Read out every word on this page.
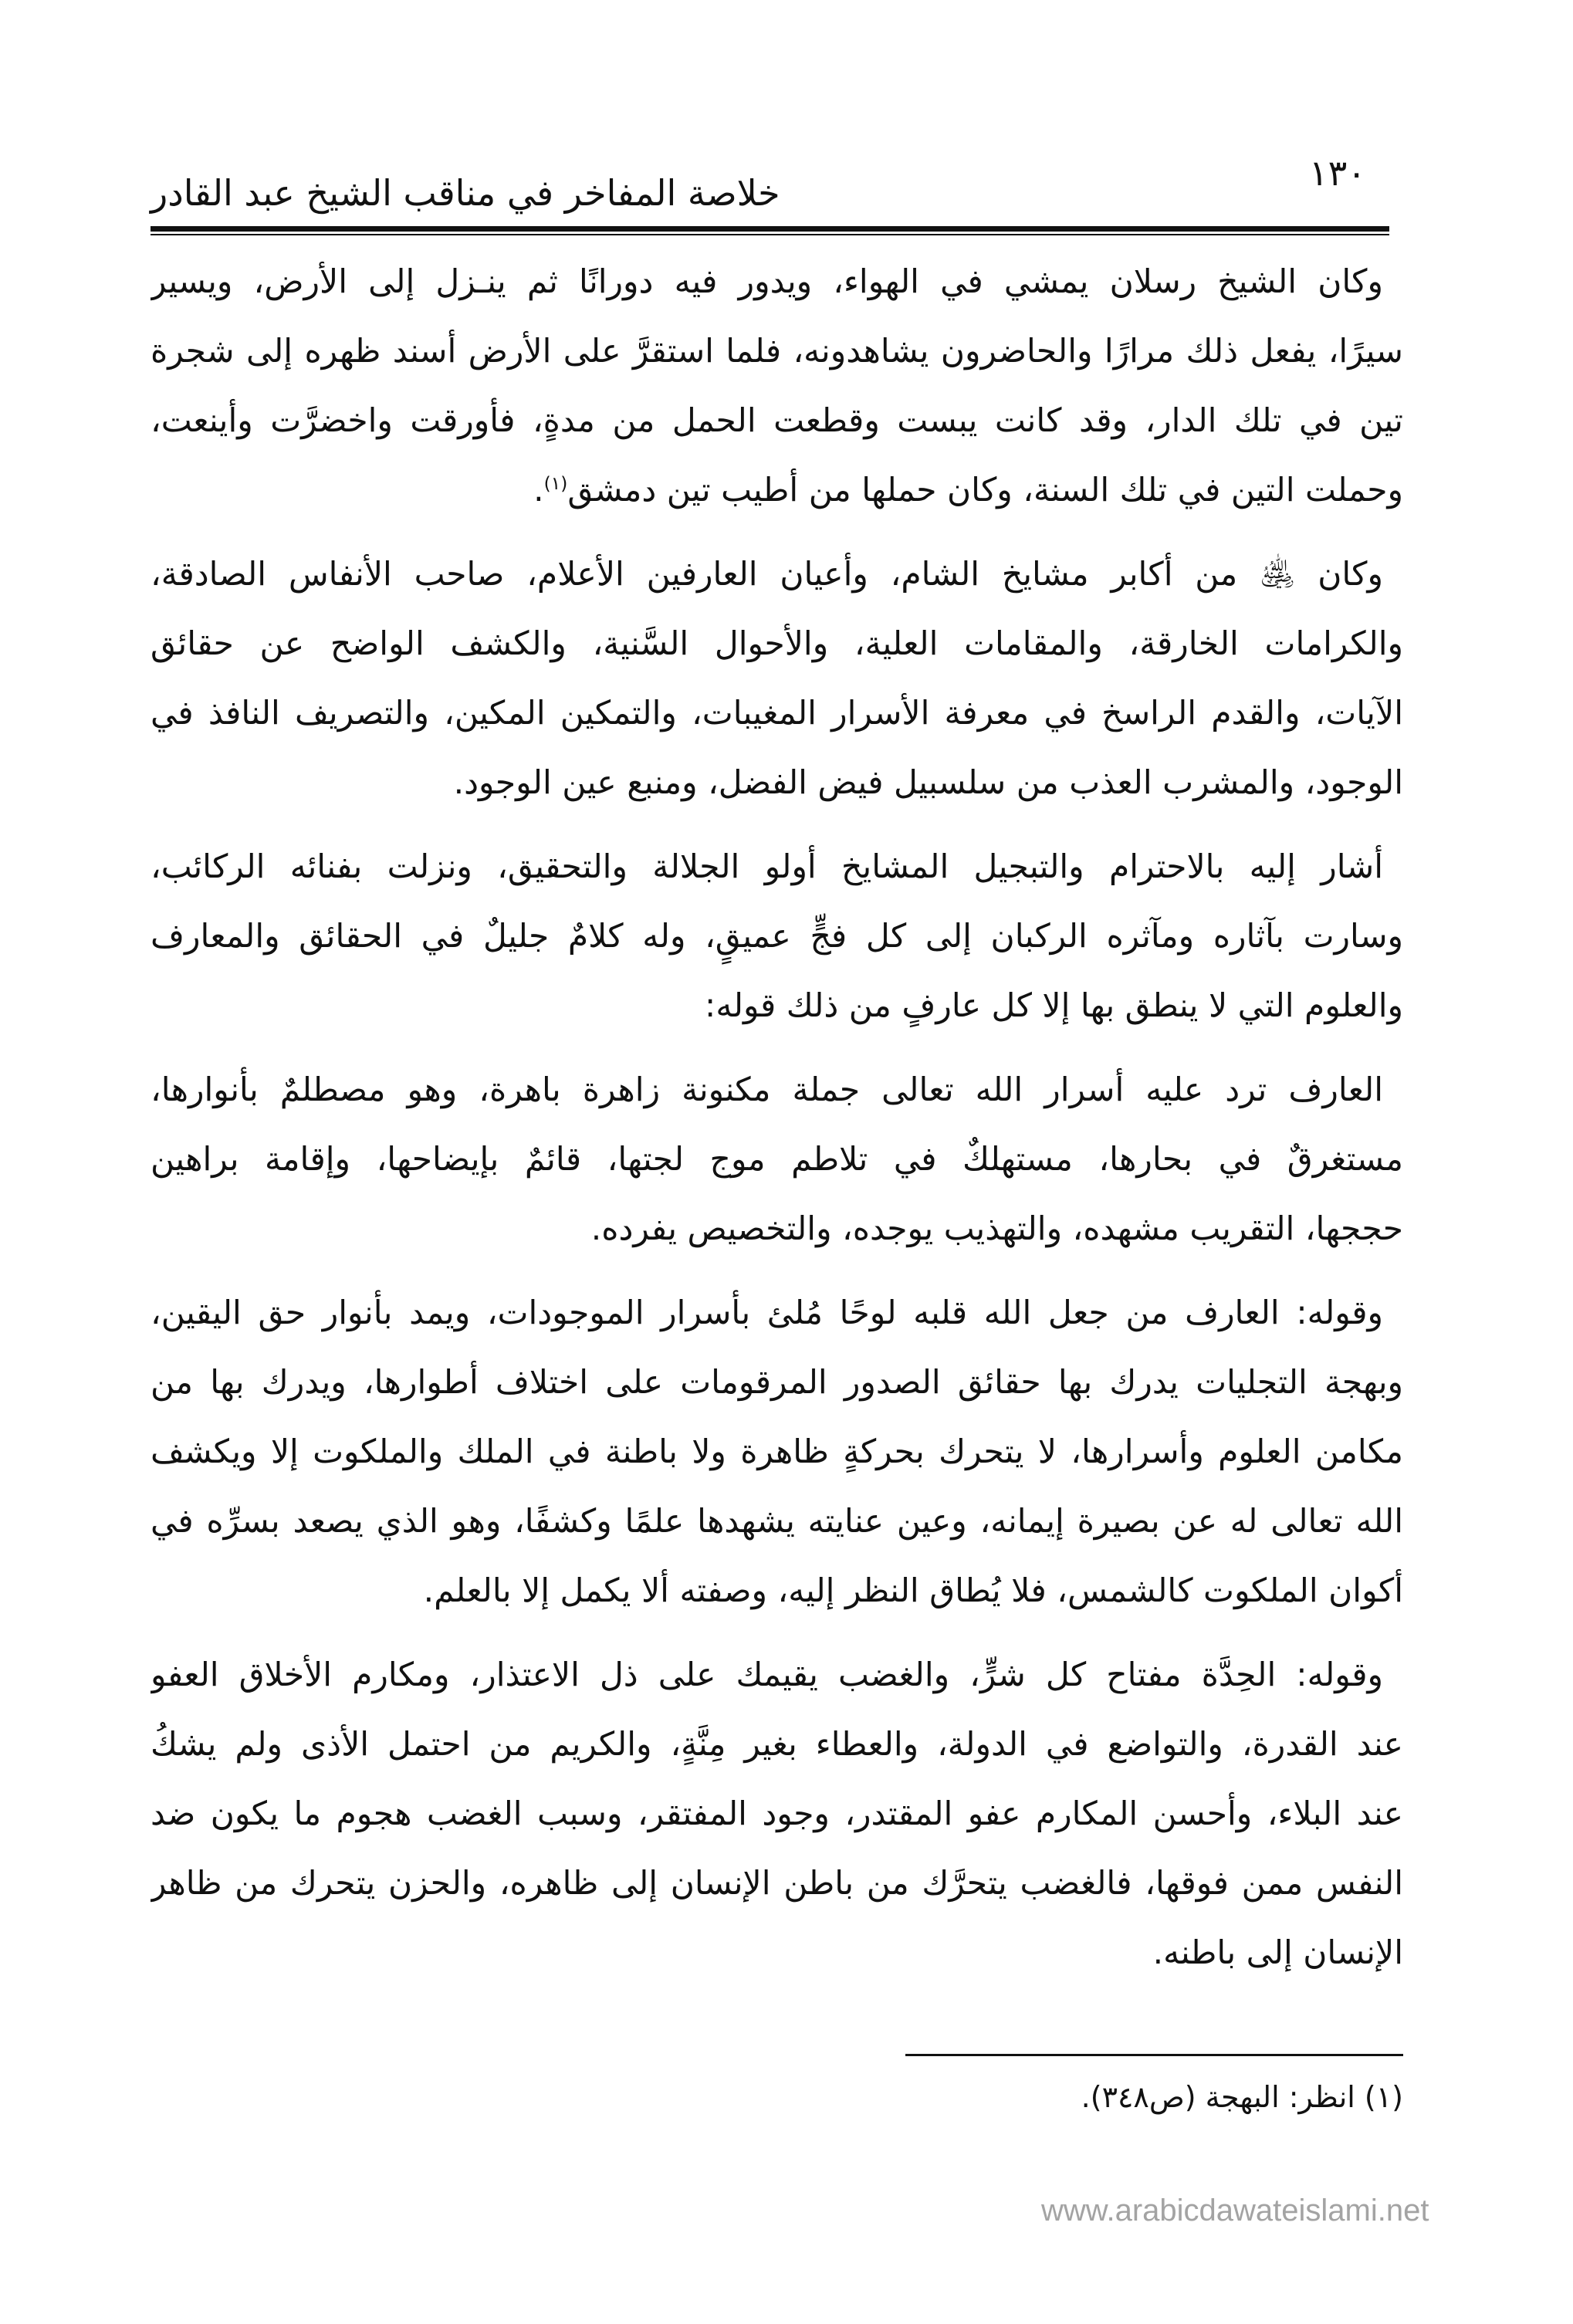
١٣٠
خلاصة المفاخر في مناقب الشيخ عبد القادر
وكان الشيخ رسلان يمشي في الهواء، ويدور فيه دورانًا ثم ينـزل إلى الأرض، ويسير
سيرًا، يفعل ذلك مرارًا والحاضرون يشاهدونه، فلما استقرَّ على الأرض أسند ظهره إلى شجرة
تين في تلك الدار، وقد كانت يبست وقطعت الحمل من مدةٍ، فأورقت واخضرَّت وأينعت،
وحملت التين في تلك السنة، وكان حملها من أطيب تين دمشق$^{(١)}$.
وكان ﵁ من أكابر مشايخ الشام، وأعيان العارفين الأعلام، صاحب الأنفاس الصادقة،
والكرامات الخارقة، والمقامات العلية، والأحوال السَّنية، والكشف الواضح عن حقائق
الآيات، والقدم الراسخ في معرفة الأسرار المغيبات، والتمكين المكين، والتصريف النافذ في
الوجود، والمشرب العذب من سلسبيل فيض الفضل، ومنبع عين الوجود.
أشار إليه بالاحترام والتبجيل المشايخ أولو الجلالة والتحقيق، ونزلت بفنائه الركائب،
وسارت بآثاره ومآثره الركبان إلى كل فجٍّ عميقٍ، وله كلامٌ جليلٌ في الحقائق والمعارف
والعلوم التي لا ينطق بها إلا كل عارفٍ من ذلك قوله:
العارف ترد عليه أسرار الله تعالى جملة مكنونة زاهرة باهرة، وهو مصطلمٌ بأنوارها،
مستغرقٌ في بحارها، مستهلكٌ في تلاطم موج لجتها، قائمٌ بإيضاحها، وإقامة براهين
حججها، التقريب مشهده، والتهذيب يوجده، والتخصيص يفرده.
وقوله: العارف من جعل الله قلبه لوحًا مُلئ بأسرار الموجودات، ويمد بأنوار حق اليقين،
وبهجة التجليات يدرك بها حقائق الصدور المرقومات على اختلاف أطوارها، ويدرك بها من
مكامن العلوم وأسرارها، لا يتحرك بحركةٍ ظاهرة ولا باطنة في الملك والملكوت إلا ويكشف
الله تعالى له عن بصيرة إيمانه، وعين عنايته يشهدها علمًا وكشفًا، وهو الذي يصعد بسرِّه في
أكوان الملكوت كالشمس، فلا يُطاق النظر إليه، وصفته ألا يكمل إلا بالعلم.
وقوله: الحِدَّة مفتاح كل شرٍّ، والغضب يقيمك على ذل الاعتذار، ومكارم الأخلاق العفو
عند القدرة، والتواضع في الدولة، والعطاء بغير مِنَّةٍ، والكريم من احتمل الأذى ولم يشكُ
عند البلاء، وأحسن المكارم عفو المقتدر، وجود المفتقر، وسبب الغضب هجوم ما يكون ضد
النفس ممن فوقها، فالغضب يتحرَّك من باطن الإنسان إلى ظاهره، والحزن يتحرك من ظاهر
الإنسان إلى باطنه.
(١) انظر: البهجة (ص٣٤٨).
www.arabicdawateislami.net
